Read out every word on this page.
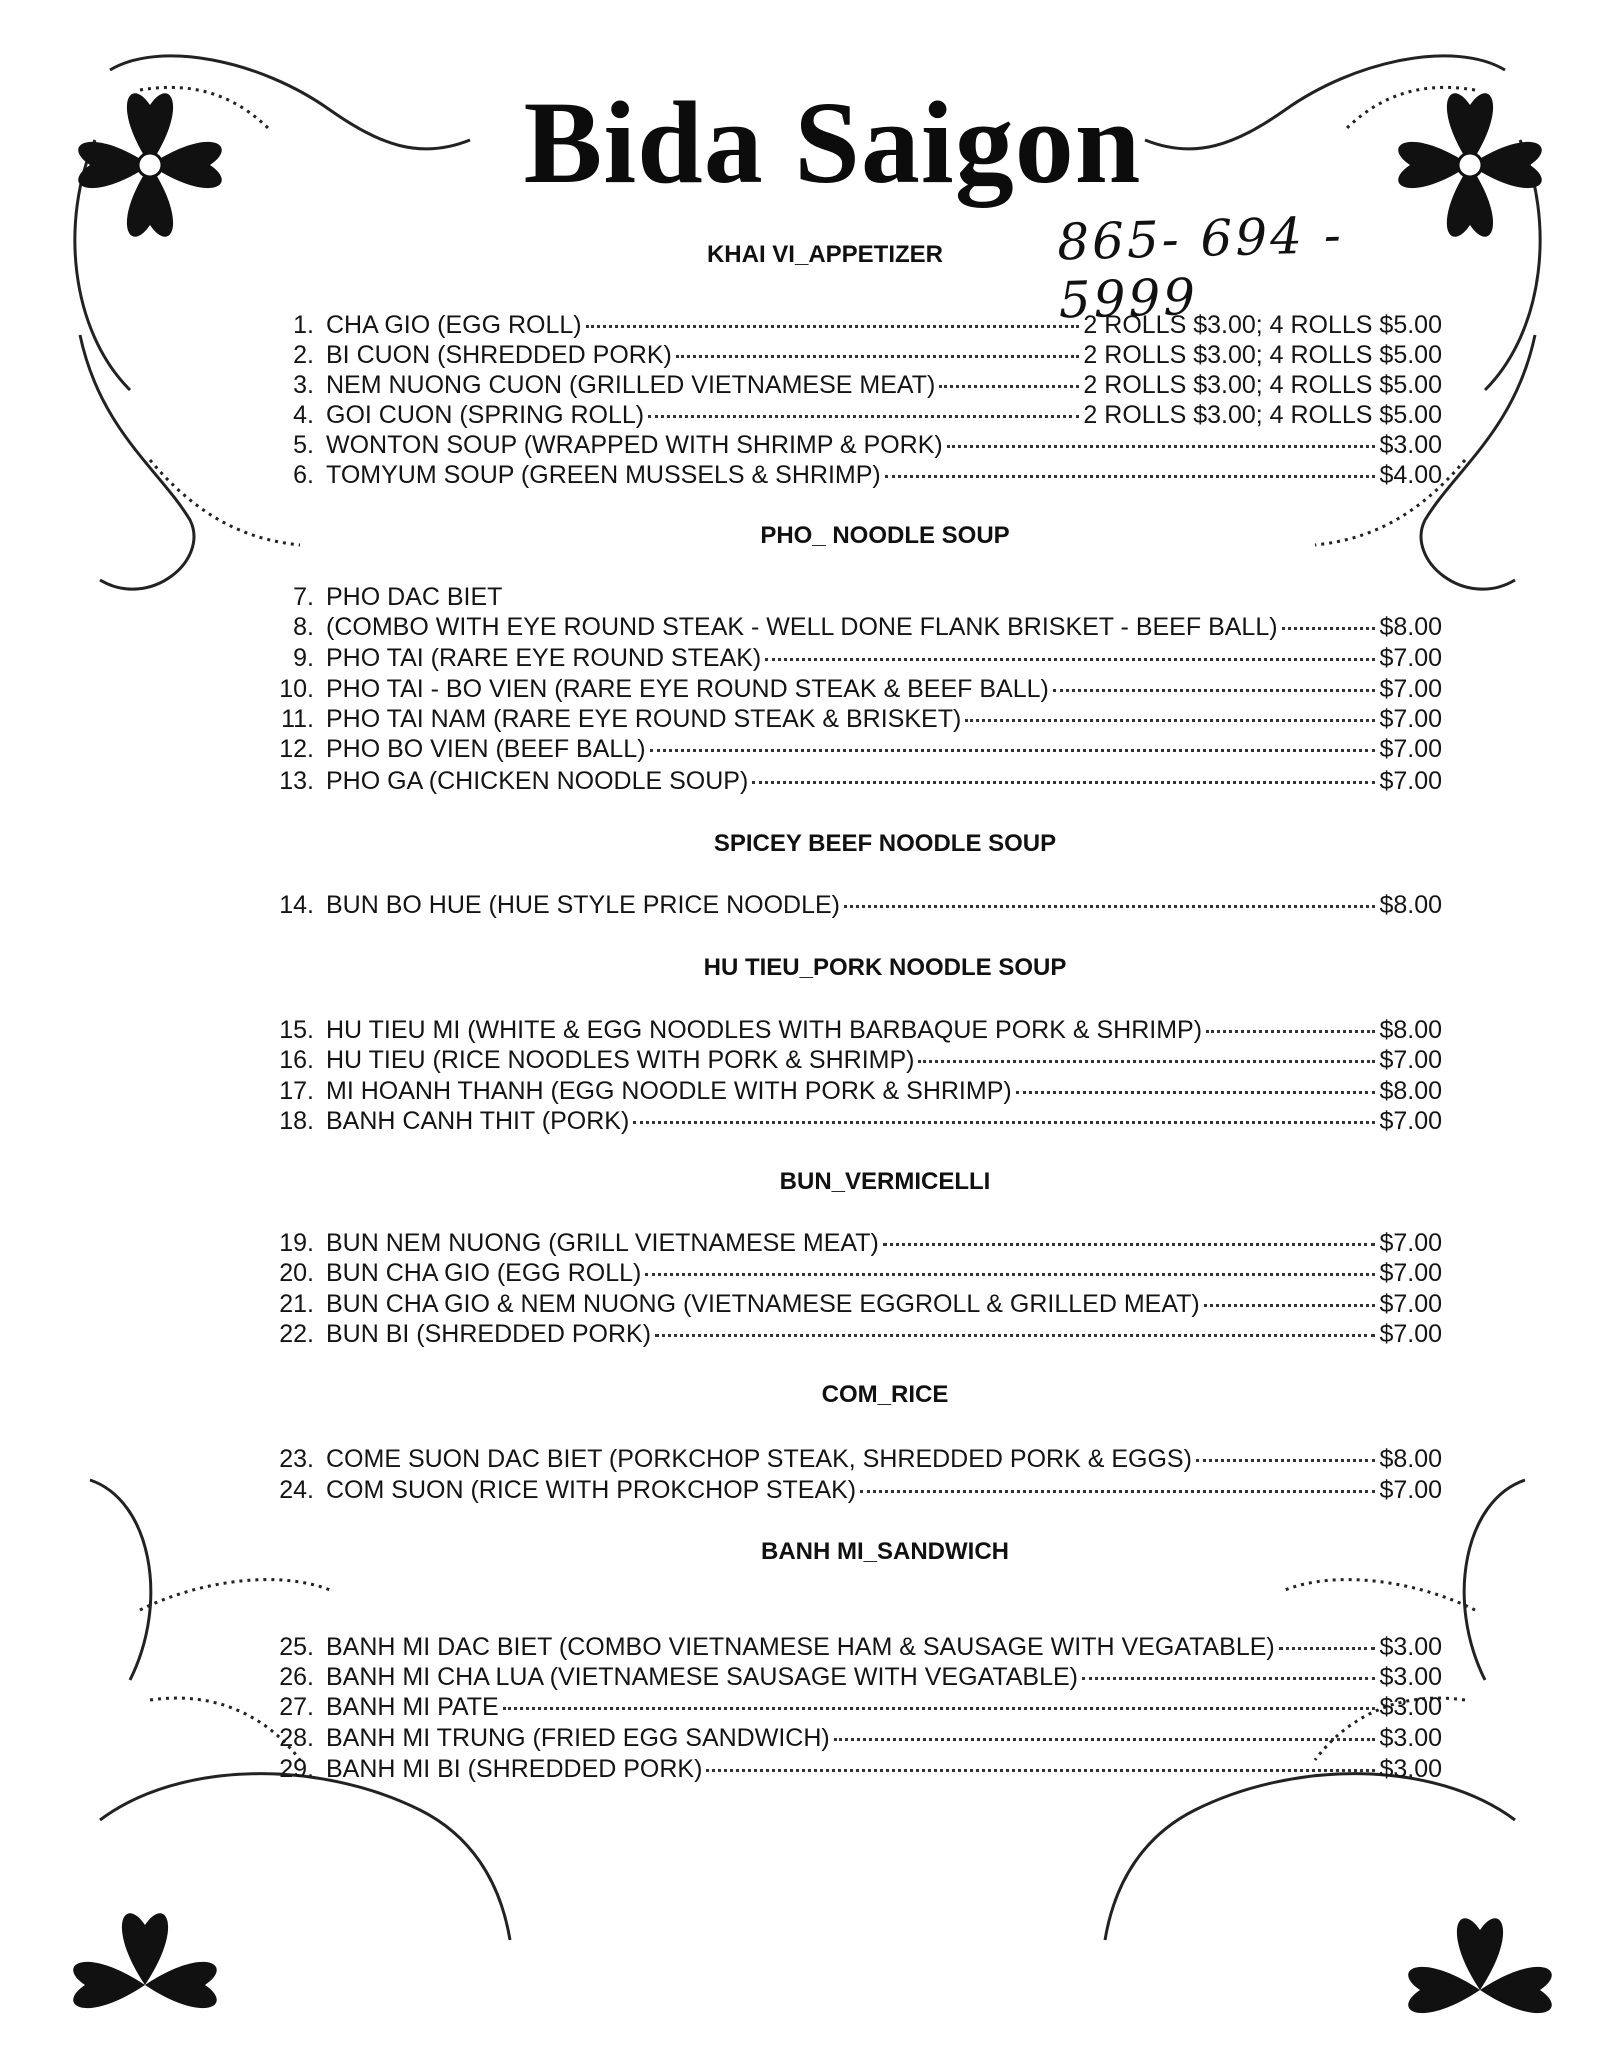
Bida Saigon
865- 694 - 5999
KHAI VI_APPETIZER
1. CHA GIO (EGG ROLL)	2 ROLLS $3.00; 4 ROLLS $5.00
2. BI CUON (SHREDDED PORK)	2 ROLLS $3.00; 4 ROLLS $5.00
3. NEM NUONG CUON (GRILLED VIETNAMESE MEAT)	2 ROLLS $3.00; 4 ROLLS $5.00
4. GOI CUON (SPRING ROLL)	2 ROLLS $3.00; 4 ROLLS $5.00
5. WONTON SOUP (WRAPPED WITH SHRIMP & PORK)	$3.00
6. TOMYUM SOUP (GREEN MUSSELS & SHRIMP)	$4.00
PHO_ NOODLE SOUP
7. PHO DAC BIET
8. (COMBO WITH EYE ROUND STEAK - WELL DONE FLANK BRISKET - BEEF BALL)	$8.00
9. PHO TAI (RARE EYE ROUND STEAK)	$7.00
10. PHO TAI - BO VIEN (RARE EYE ROUND STEAK & BEEF BALL)	$7.00
11. PHO TAI NAM (RARE EYE ROUND STEAK & BRISKET)	$7.00
12. PHO BO VIEN (BEEF BALL)	$7.00
13. PHO GA (CHICKEN NOODLE SOUP)	$7.00
SPICEY BEEF NOODLE SOUP
14. BUN BO HUE (HUE STYLE PRICE NOODLE)	$8.00
HU TIEU_PORK NOODLE SOUP
15. HU TIEU MI (WHITE & EGG NOODLES WITH BARBAQUE PORK & SHRIMP)	$8.00
16. HU TIEU (RICE NOODLES WITH PORK & SHRIMP)	$7.00
17. MI HOANH THANH (EGG NOODLE WITH PORK & SHRIMP)	$8.00
18. BANH CANH THIT (PORK)	$7.00
BUN_VERMICELLI
19. BUN NEM NUONG (GRILL VIETNAMESE MEAT)	$7.00
20. BUN CHA GIO (EGG ROLL)	$7.00
21. BUN CHA GIO & NEM NUONG (VIETNAMESE EGGROLL & GRILLED MEAT)	$7.00
22. BUN BI (SHREDDED PORK)	$7.00
COM_RICE
23. COME SUON DAC BIET (PORKCHOP STEAK, SHREDDED PORK & EGGS)	$8.00
24. COM SUON (RICE WITH PROKCHOP STEAK)	$7.00
BANH MI_SANDWICH
25. BANH MI DAC BIET (COMBO VIETNAMESE HAM & SAUSAGE WITH VEGATABLE)	$3.00
26. BANH MI CHA LUA (VIETNAMESE SAUSAGE WITH VEGATABLE)	$3.00
27. BANH MI PATE	$3.00
28. BANH MI TRUNG (FRIED EGG SANDWICH)	$3.00
29. BANH MI BI (SHREDDED PORK)	$3.00
